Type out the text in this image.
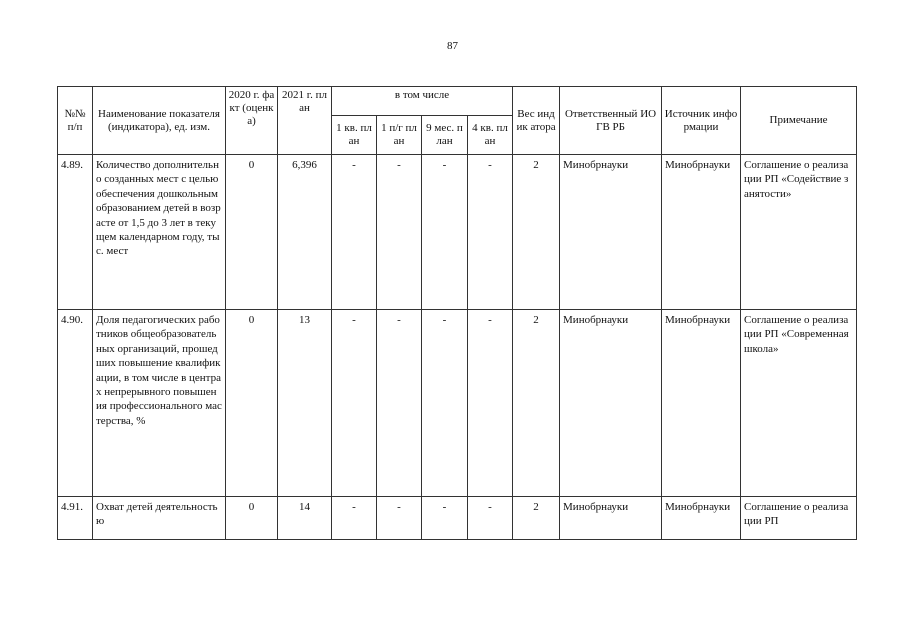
87
№№ п/п	Наименование показателя (индикатора), ед. изм.	2020 г. факт (оценка)	2021 г. план	в том числе				Вес индик атора	Ответственный ИОГВ РБ	Источник информации	Примечание
				1 кв. план	1 п/г план	9 мес. план	4 кв. план				
4.89.	Количество дополнительно созданных мест с целью обеспечения дошкольным образованием детей в возрасте от 1,5 до 3 лет в текущем календарном году, тыс. мест	0	6,396	-	-	-	-	2	Минобрнауки	Минобрнауки	Соглашение о реализации РП «Содействие занятости»
4.90.	Доля педагогических работников общеобразовательных организаций, прошедших повышение квалификации, в том числе в центрах непрерывного повышения профессионального мастерства, %	0	13	-	-	-	-	2	Минобрнауки	Минобрнауки	Соглашение о реализации РП «Современная школа»
4.91.	Охват детей деятельностью	0	14	-	-	-	-	2	Минобрнауки	Минобрнауки	Соглашение о реализации РП
